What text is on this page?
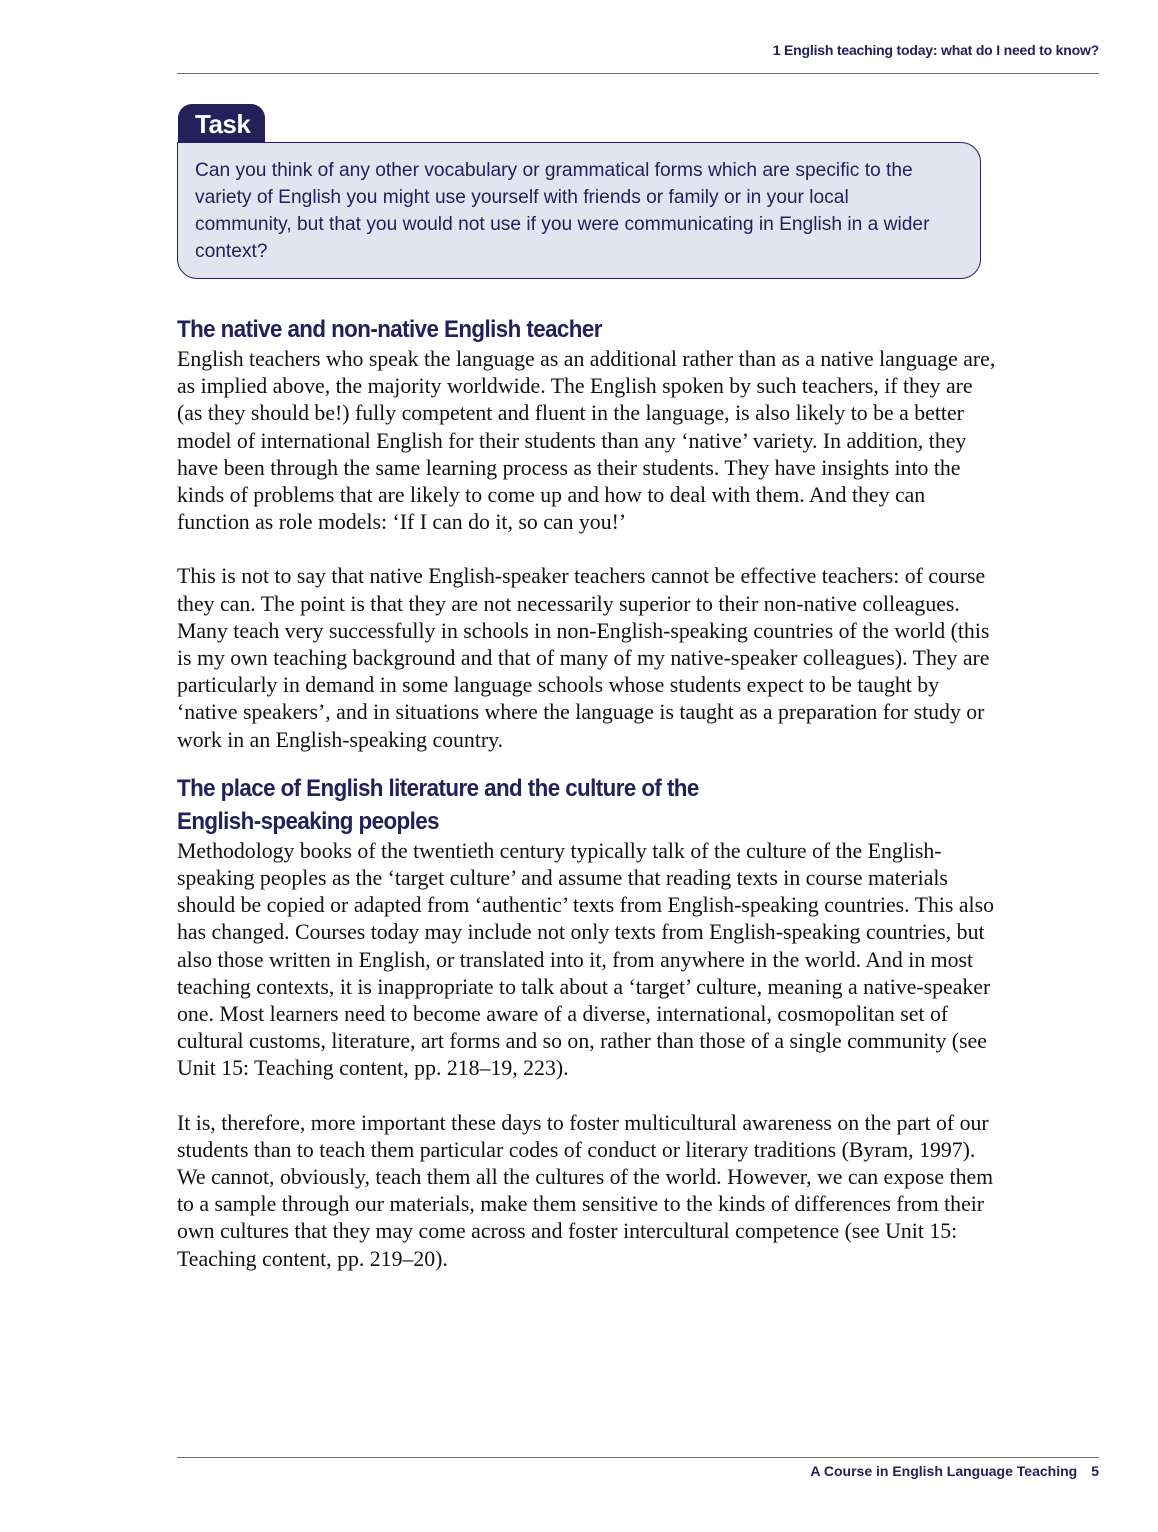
1 English teaching today: what do I need to know?
Task

Can you think of any other vocabulary or grammatical forms which are specific to the variety of English you might use yourself with friends or family or in your local community, but that you would not use if you were communicating in English in a wider context?

The native and non-native English teacher

English teachers who speak the language as an additional rather than as a native language are, as implied above, the majority worldwide. The English spoken by such teachers, if they are (as they should be!) fully competent and fluent in the language, is also likely to be a better model of international English for their students than any ‘native’ variety. In addition, they have been through the same learning process as their students. They have insights into the kinds of problems that are likely to come up and how to deal with them. And they can function as role models: ‘If I can do it, so can you!’

This is not to say that native English-speaker teachers cannot be effective teachers: of course they can. The point is that they are not necessarily superior to their non-native colleagues. Many teach very successfully in schools in non-English-speaking countries of the world (this is my own teaching background and that of many of my native-speaker colleagues). They are particularly in demand in some language schools whose students expect to be taught by ‘native speakers’, and in situations where the language is taught as a preparation for study or work in an English-speaking country.

The place of English literature and the culture of the
English-speaking peoples

Methodology books of the twentieth century typically talk of the culture of the English-speaking peoples as the ‘target culture’ and assume that reading texts in course materials should be copied or adapted from ‘authentic’ texts from English-speaking countries. This also has changed. Courses today may include not only texts from English-speaking countries, but also those written in English, or translated into it, from anywhere in the world. And in most teaching contexts, it is inappropriate to talk about a ‘target’ culture, meaning a native-speaker one. Most learners need to become aware of a diverse, international, cosmopolitan set of cultural customs, literature, art forms and so on, rather than those of a single community (see Unit 15: Teaching content, pp. 218–19, 223).

It is, therefore, more important these days to foster multicultural awareness on the part of our students than to teach them particular codes of conduct or literary traditions (Byram, 1997). We cannot, obviously, teach them all the cultures of the world. However, we can expose them to a sample through our materials, make them sensitive to the kinds of differences from their own cultures that they may come across and foster intercultural competence (see Unit 15: Teaching content, pp. 219–20).

A Course in English Language Teaching 5
